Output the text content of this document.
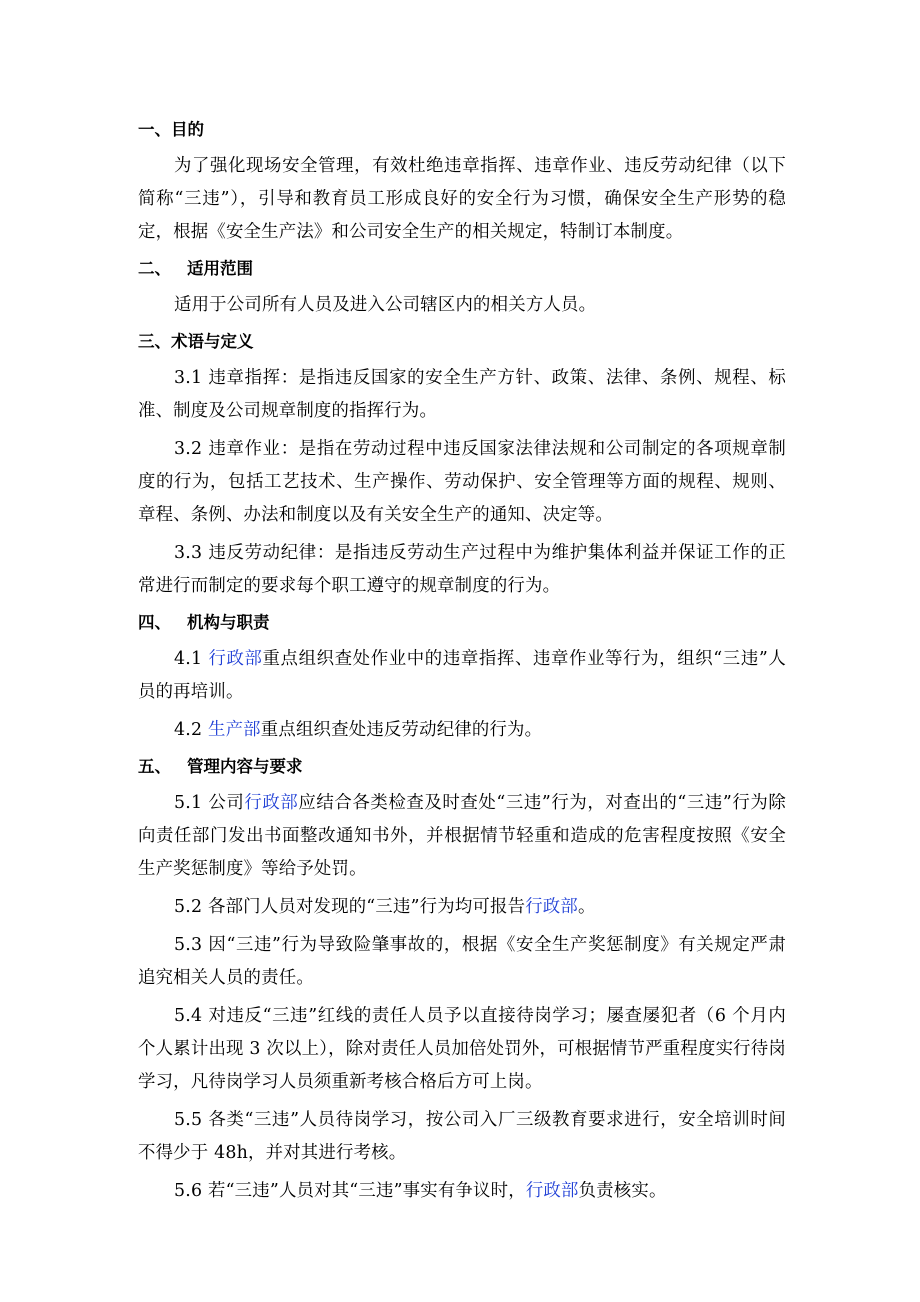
一、目的

为了强化现场安全管理，有效杜绝违章指挥、违章作业、违反劳动纪律（以下简称“三违”），引导和教育员工形成良好的安全行为习惯，确保安全生产形势的稳定，根据《安全生产法》和公司安全生产的相关规定，特制订本制度。

二、 适用范围

适用于公司所有人员及进入公司辖区内的相关方人员。

三、术语与定义

3.1 违章指挥：是指违反国家的安全生产方针、政策、法律、条例、规程、标准、制度及公司规章制度的指挥行为。

3.2 违章作业：是指在劳动过程中违反国家法律法规和公司制定的各项规章制度的行为，包括工艺技术、生产操作、劳动保护、安全管理等方面的规程、规则、章程、条例、办法和制度以及有关安全生产的通知、决定等。

3.3 违反劳动纪律：是指违反劳动生产过程中为维护集体利益并保证工作的正常进行而制定的要求每个职工遵守的规章制度的行为。

四、 机构与职责

4.1 行政部重点组织查处作业中的违章指挥、违章作业等行为，组织“三违”人员的再培训。

4.2 生产部重点组织查处违反劳动纪律的行为。

五、 管理内容与要求

5.1 公司行政部应结合各类检查及时查处“三违”行为，对查出的“三违”行为除向责任部门发出书面整改通知书外，并根据情节轻重和造成的危害程度按照《安全生产奖惩制度》等给予处罚。

5.2 各部门人员对发现的“三违”行为均可报告行政部。

5.3 因“三违”行为导致险肇事故的，根据《安全生产奖惩制度》有关规定严肃追究相关人员的责任。

5.4 对违反“三违”红线的责任人员予以直接待岗学习；屡查屡犯者（6 个月内个人累计出现 3 次以上），除对责任人员加倍处罚外，可根据情节严重程度实行待岗学习，凡待岗学习人员须重新考核合格后方可上岗。

5.5 各类“三违”人员待岗学习，按公司入厂三级教育要求进行，安全培训时间不得少于 48h，并对其进行考核。

5.6 若“三违”人员对其“三违”事实有争议时，行政部负责核实。
